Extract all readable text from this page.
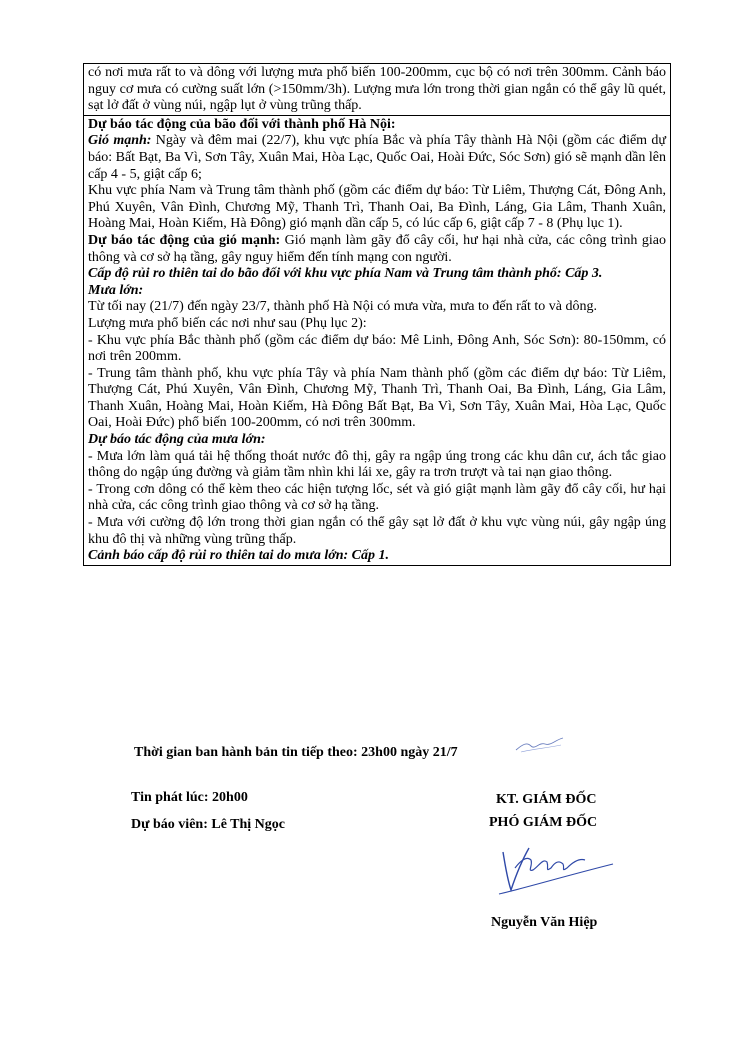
có nơi mưa rất to và dông với lượng mưa phổ biến 100-200mm, cục bộ có nơi trên 300mm. Cảnh báo nguy cơ mưa có cường suất lớn (>150mm/3h). Lượng mưa lớn trong thời gian ngắn có thể gây lũ quét, sạt lở đất ở vùng núi, ngập lụt ở vùng trũng thấp.

Dự báo tác động của bão đối với thành phố Hà Nội:

Gió mạnh: Ngày và đêm mai (22/7), khu vực phía Bắc và phía Tây thành Hà Nội (gồm các điểm dự báo: Bất Bạt, Ba Vì, Sơn Tây, Xuân Mai, Hòa Lạc, Quốc Oai, Hoài Đức, Sóc Sơn) gió sẽ mạnh dần lên cấp 4 - 5, giật cấp 6;

Khu vực phía Nam và Trung tâm thành phố (gồm các điểm dự báo: Từ Liêm, Thượng Cát, Đông Anh, Phú Xuyên, Vân Đình, Chương Mỹ, Thanh Trì, Thanh Oai, Ba Đình, Láng, Gia Lâm, Thanh Xuân, Hoàng Mai, Hoàn Kiếm, Hà Đông) gió mạnh dần cấp 5, có lúc cấp 6, giật cấp 7 - 8 (Phụ lục 1).

Dự báo tác động của gió mạnh: Gió mạnh làm gãy đổ cây cối, hư hại nhà cửa, các công trình giao thông và cơ sở hạ tầng, gây nguy hiểm đến tính mạng con người.

Cấp độ rủi ro thiên tai do bão đối với khu vực phía Nam và Trung tâm thành phố: Cấp 3.

Mưa lớn:

Từ tối nay (21/7) đến ngày 23/7, thành phố Hà Nội có mưa vừa, mưa to đến rất to và dông.

Lượng mưa phổ biến các nơi như sau (Phụ lục 2):

- Khu vực phía Bắc thành phố (gồm các điểm dự báo: Mê Linh, Đông Anh, Sóc Sơn): 80-150mm, có nơi trên 200mm.

- Trung tâm thành phố, khu vực phía Tây và phía Nam thành phố (gồm các điểm dự báo: Từ Liêm, Thượng Cát, Phú Xuyên, Vân Đình, Chương Mỹ, Thanh Trì, Thanh Oai, Ba Đình, Láng, Gia Lâm, Thanh Xuân, Hoàng Mai, Hoàn Kiếm, Hà Đông Bất Bạt, Ba Vì, Sơn Tây, Xuân Mai, Hòa Lạc, Quốc Oai, Hoài Đức) phổ biến 100-200mm, có nơi trên 300mm.

Dự báo tác động của mưa lớn:

- Mưa lớn làm quá tải hệ thống thoát nước đô thị, gây ra ngập úng trong các khu dân cư, ách tắc giao thông do ngập úng đường và giảm tầm nhìn khi lái xe, gây ra trơn trượt và tai nạn giao thông.

- Trong cơn dông có thể kèm theo các hiện tượng lốc, sét và gió giật mạnh làm gãy đổ cây cối, hư hại nhà cửa, các công trình giao thông và cơ sở hạ tầng.

- Mưa với cường độ lớn trong thời gian ngắn có thể gây sạt lở đất ở khu vực vùng núi, gây ngập úng khu đô thị và những vùng trũng thấp.

Cảnh báo cấp độ rủi ro thiên tai do mưa lớn: Cấp 1.

Thời gian ban hành bản tin tiếp theo: 23h00 ngày 21/7
Tin phát lúc: 20h00
Dự báo viên: Lê Thị Ngọc
KT. GIÁM ĐỐC
PHÓ GIÁM ĐỐC
Nguyễn Văn Hiệp
